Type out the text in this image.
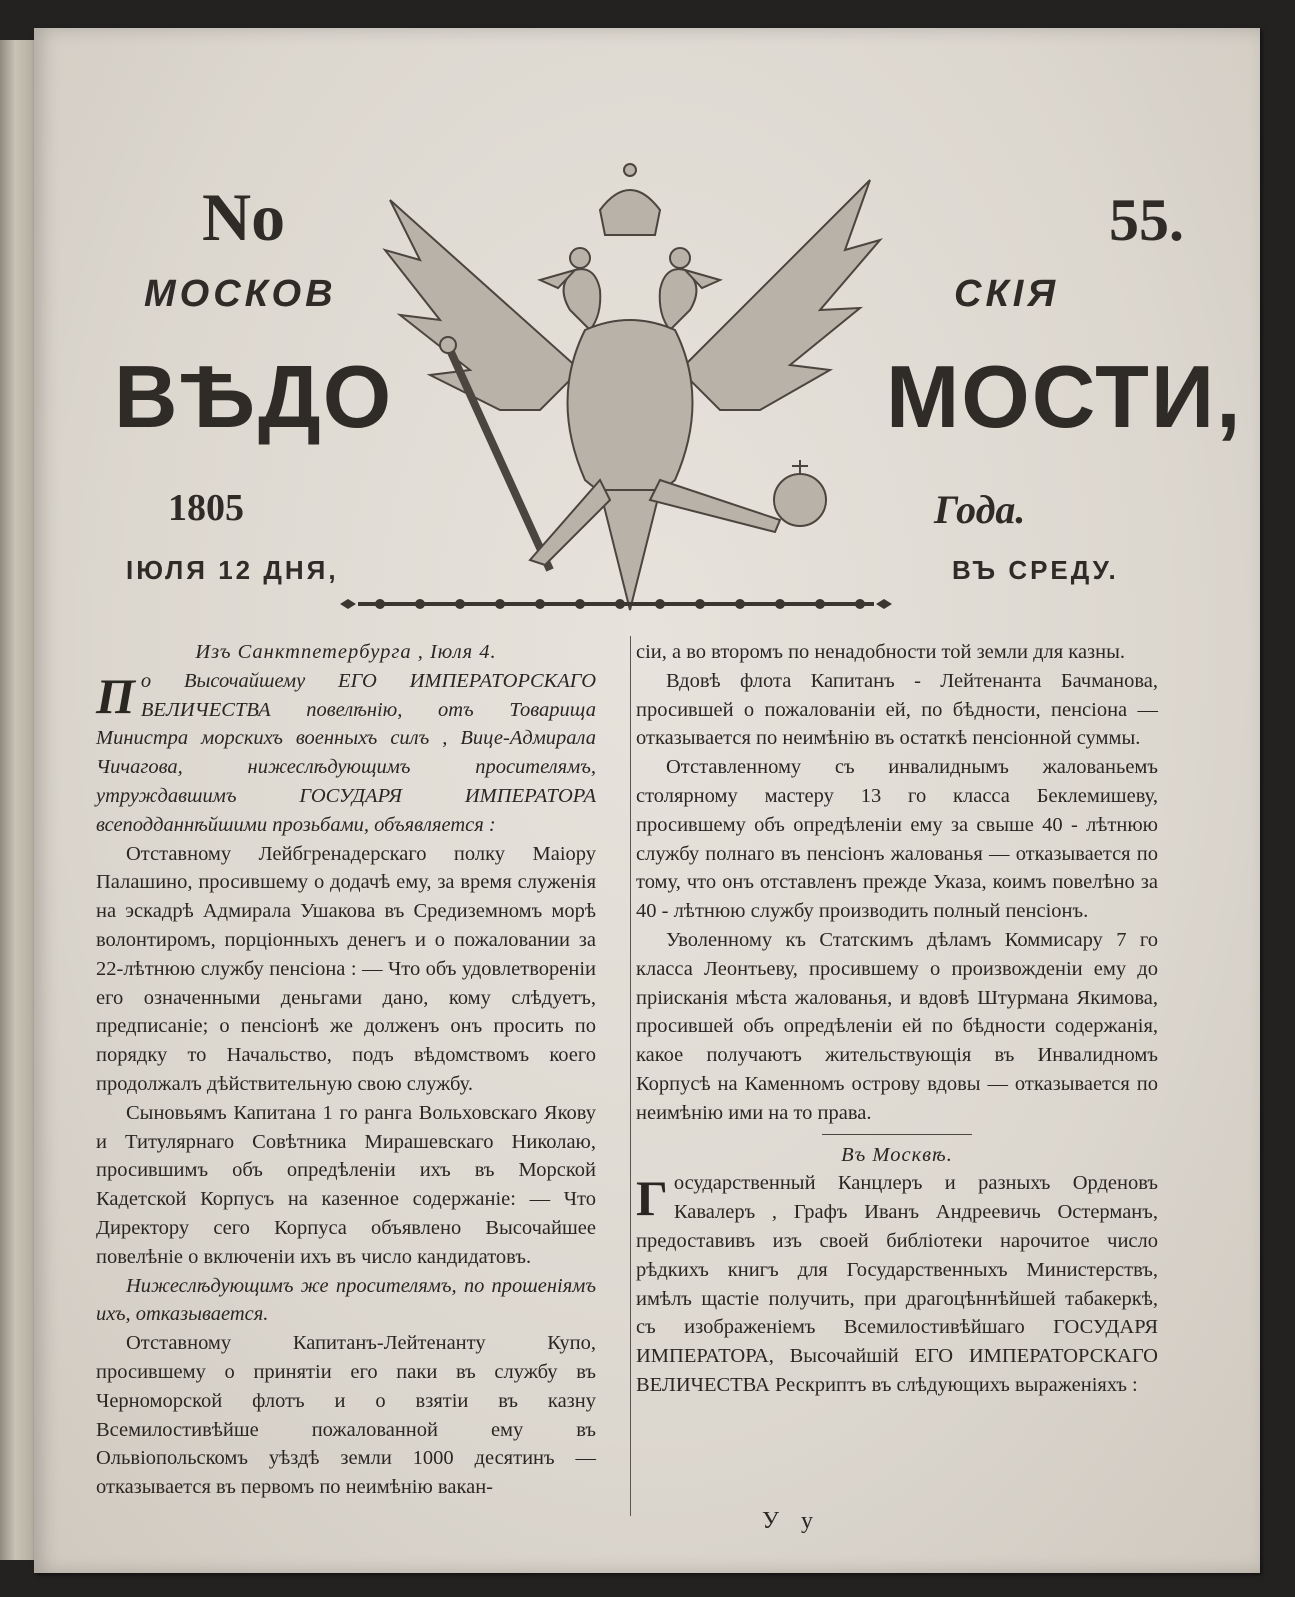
No	55.
МОСКОВ	СКІЯ
ВѢДО	МОСТИ,
1805	Года.
ІЮЛЯ 12 ДНЯ,	ВЪ СРЕДУ.

Изъ Санктпетербурга , Іюля 4.

По Высочайшему ЕГО ИМПЕРАТОРСКАГО ВЕЛИЧЕСТВА повелѣнію, отъ Товарища Министра морскихъ военныхъ силъ , Вице-Адмирала Чичагова, нижеслѣдующимъ просителямъ, утруждавшимъ ГОСУДАРЯ ИМПЕРАТОРА всеподданнѣйшими прозьбами, объявляется :

Отставному Лейбгренадерскаго полку Маіору Палашино, просившему о додачѣ ему, за время служенія на эскадрѣ Адмирала Ушакова въ Средиземномъ морѣ волонтиромъ, порціонныхъ денегъ и о пожаловании за 22-лѣтнюю службу пенсіона : — Что объ удовлетвореніи его означенными деньгами дано, кому слѣдуетъ, предписаніе; о пенсіонѣ же долженъ онъ просить по порядку то Начальство, подъ вѣдомствомъ коего продолжалъ дѣйствительную свою службу.

Сыновьямъ Капитана 1 го ранга Вольховскаго Якову и Титулярнаго Совѣтника Мирашевскаго Николаю, просившимъ объ опредѣленіи ихъ въ Морской Кадетской Корпусъ на казенное содержаніе: — Что Директору сего Корпуса объявлено Высочайшее повелѣніе о включеніи ихъ въ число кандидатовъ.

Нижеслѣдующимъ же просителямъ, по прошеніямъ ихъ, отказывается.

Отставному Капитанъ-Лейтенанту Купо, просившему о принятіи его паки въ службу въ Черноморской флотъ и о взятіи въ казну Всемилостивѣйше пожалованной ему въ Ольвіопольскомъ уѣздѣ земли 1000 десятинъ — отказывается въ первомъ по неимѣнію вакан-

сіи, а во второмъ по ненадобности той земли для казны.

Вдовѣ флота Капитанъ - Лейтенанта Бачманова, просившей о пожалованіи ей, по бѣдности, пенсіона — отказывается по неимѣнію въ остаткѣ пенсіонной суммы.

Отставленному съ инвалиднымъ жалованьемъ столярному мастеру 13 го класса Беклемишеву, просившему объ опредѣленіи ему за свыше 40 - лѣтнюю службу полнаго въ пенсіонъ жалованья — отказывается по тому, что онъ отставленъ прежде Указа, коимъ повелѣно за 40 - лѣтнюю службу производить полный пенсіонъ.

Уволенному къ Статскимъ дѣламъ Коммисару 7 го класса Леонтьеву, просившему о произвожденіи ему до пріисканія мѣста жалованья, и вдовѣ Штурмана Якимова, просившей объ опредѣленіи ей по бѣдности содержанія, какое получаютъ жительствующія въ Инвалидномъ Корпусѣ на Каменномъ острову вдовы — отказывается по неимѣнію ими на то права.

Въ Москвѣ.

Государственный Канцлеръ и разныхъ Орденовъ Кавалеръ , Графъ Иванъ Андреевичь Остерманъ, предоставивъ изъ своей библіотеки нарочитое число рѣдкихъ книгъ для Государственныхъ Министерствъ, имѣлъ щастіе получить, при драгоцѣннѣйшей табакеркѣ, съ изображеніемъ Всемилостивѣйшаго ГОСУДАРЯ ИМПЕРАТОРА, Высочайшій ЕГО ИМПЕРАТОРСКАГО ВЕЛИЧЕСТВА Рескриптъ въ слѣдующихъ выраженіяхъ :

У у
